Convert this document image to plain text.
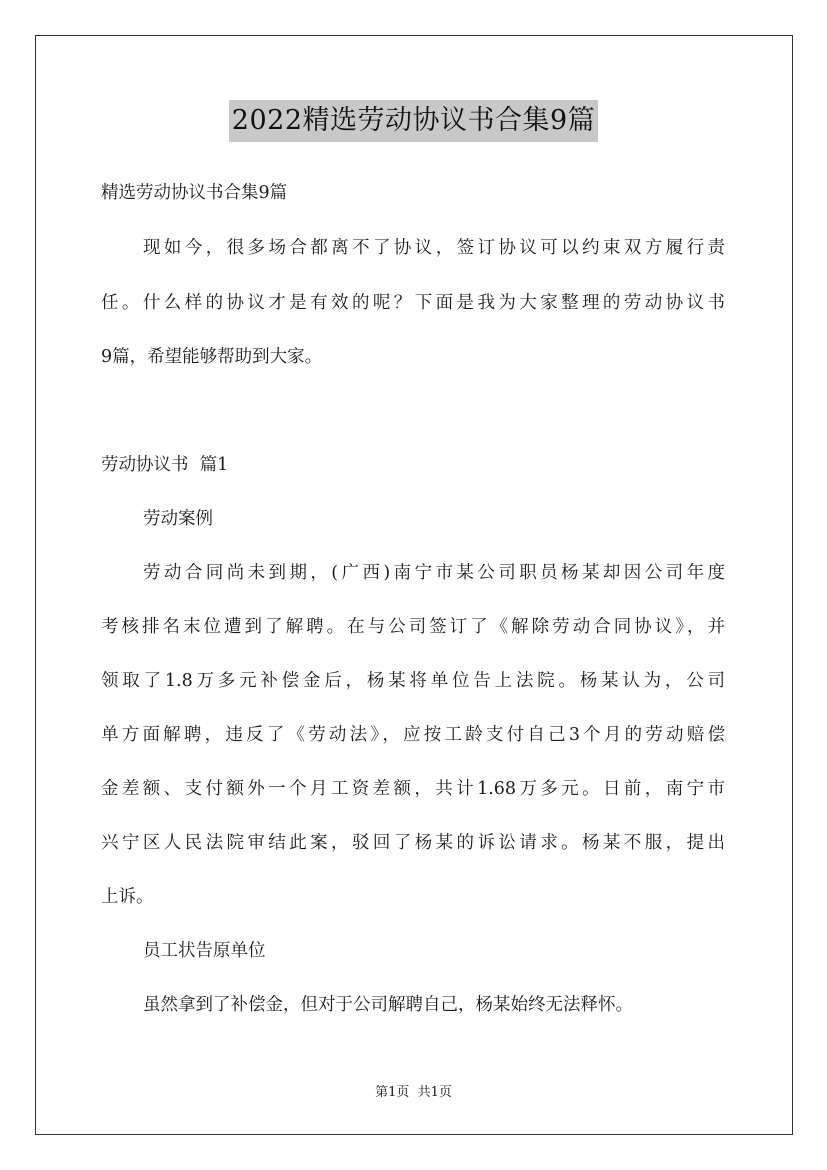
2022精选劳动协议书合集9篇
精选劳动协议书合集9篇
现如今，很多场合都离不了协议，签订协议可以约束双方履行责
任。什么样的协议才是有效的呢？下面是我为大家整理的劳动协议书
9篇，希望能够帮助到大家。
劳动协议书  篇1
劳动案例
劳动合同尚未到期，(广西)南宁市某公司职员杨某却因公司年度
考核排名末位遭到了解聘。在与公司签订了《解除劳动合同协议》，并
领取了1.8万多元补偿金后，杨某将单位告上法院。杨某认为，公司
单方面解聘，违反了《劳动法》，应按工龄支付自己3个月的劳动赔偿
金差额、支付额外一个月工资差额，共计1.68万多元。日前，南宁市
兴宁区人民法院审结此案，驳回了杨某的诉讼请求。杨某不服，提出
上诉。
员工状告原单位
虽然拿到了补偿金，但对于公司解聘自己，杨某始终无法释怀。
第1页  共1页
